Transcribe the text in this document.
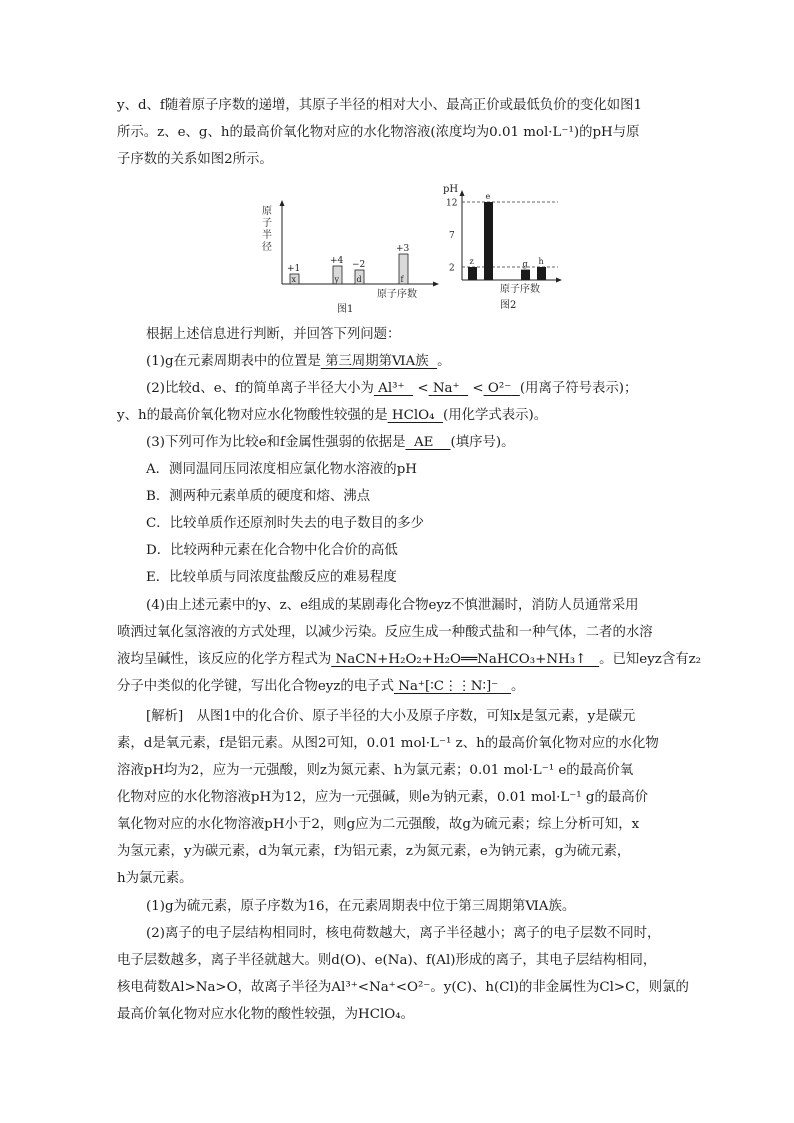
y、d、f随着原子序数的递增，其原子半径的相对大小、最高正价或最低负价的变化如图1
所示。z、e、g、h的最高价氧化物对应的水化物溶液(浓度均为0.01 mol·L⁻¹)的pH与原
子序数的关系如图2所示。
原
子
半
径
x
+1
y
+4
d
−2
f
+3
原子序数
图1
pH
2
7
12
z
e
g h
原子序数
图2
根据上述信息进行判断，并回答下列问题：
(1)g在元素周期表中的位置是 第三周期第ⅥA族 。
(2)比较d、e、f的简单离子半径大小为 Al³⁺ < Na⁺ < O²⁻ (用离子符号表示)；
y、h的最高价氧化物对应水化物酸性较强的是 HClO₄ (用化学式表示)。
(3)下列可作为比较e和f金属性强弱的依据是 AE (填序号)。
A．测同温同压同浓度相应氯化物水溶液的pH
B．测两种元素单质的硬度和熔、沸点
C．比较单质作还原剂时失去的电子数目的多少
D．比较两种元素在化合物中化合价的高低
E．比较单质与同浓度盐酸反应的难易程度
(4)由上述元素中的y、z、e组成的某剧毒化合物eyz不慎泄漏时，消防人员通常采用
喷洒过氧化氢溶液的方式处理，以减少污染。反应生成一种酸式盐和一种气体，二者的水溶
液均呈碱性，该反应的化学方程式为 NaCN+H₂O₂+H₂O══NaHCO₃+NH₃↑ 。已知eyz含有z₂
分子中类似的化学键，写出化合物eyz的电子式 Na⁺[∶C⋮⋮N∶]⁻ 。
[解析]　从图1中的化合价、原子半径的大小及原子序数，可知x是氢元素，y是碳元
素，d是氧元素，f是铝元素。从图2可知，0.01 mol·L⁻¹ z、h的最高价氧化物对应的水化物
溶液pH均为2，应为一元强酸，则z为氮元素、h为氯元素；0.01 mol·L⁻¹ e的最高价氧
化物对应的水化物溶液pH为12，应为一元强碱，则e为钠元素，0.01 mol·L⁻¹ g的最高价
氧化物对应的水化物溶液pH小于2，则g应为二元强酸，故g为硫元素；综上分析可知，x
为氢元素，y为碳元素，d为氧元素，f为铝元素，z为氮元素，e为钠元素，g为硫元素，
h为氯元素。
(1)g为硫元素，原子序数为16，在元素周期表中位于第三周期第ⅥA族。
(2)离子的电子层结构相同时，核电荷数越大，离子半径越小；离子的电子层数不同时，
电子层数越多，离子半径就越大。则d(O)、e(Na)、f(Al)形成的离子，其电子层结构相同，
核电荷数Al>Na>O，故离子半径为Al³⁺<Na⁺<O²⁻。y(C)、h(Cl)的非金属性为Cl>C，则氯的
最高价氧化物对应水化物的酸性较强，为HClO₄。
